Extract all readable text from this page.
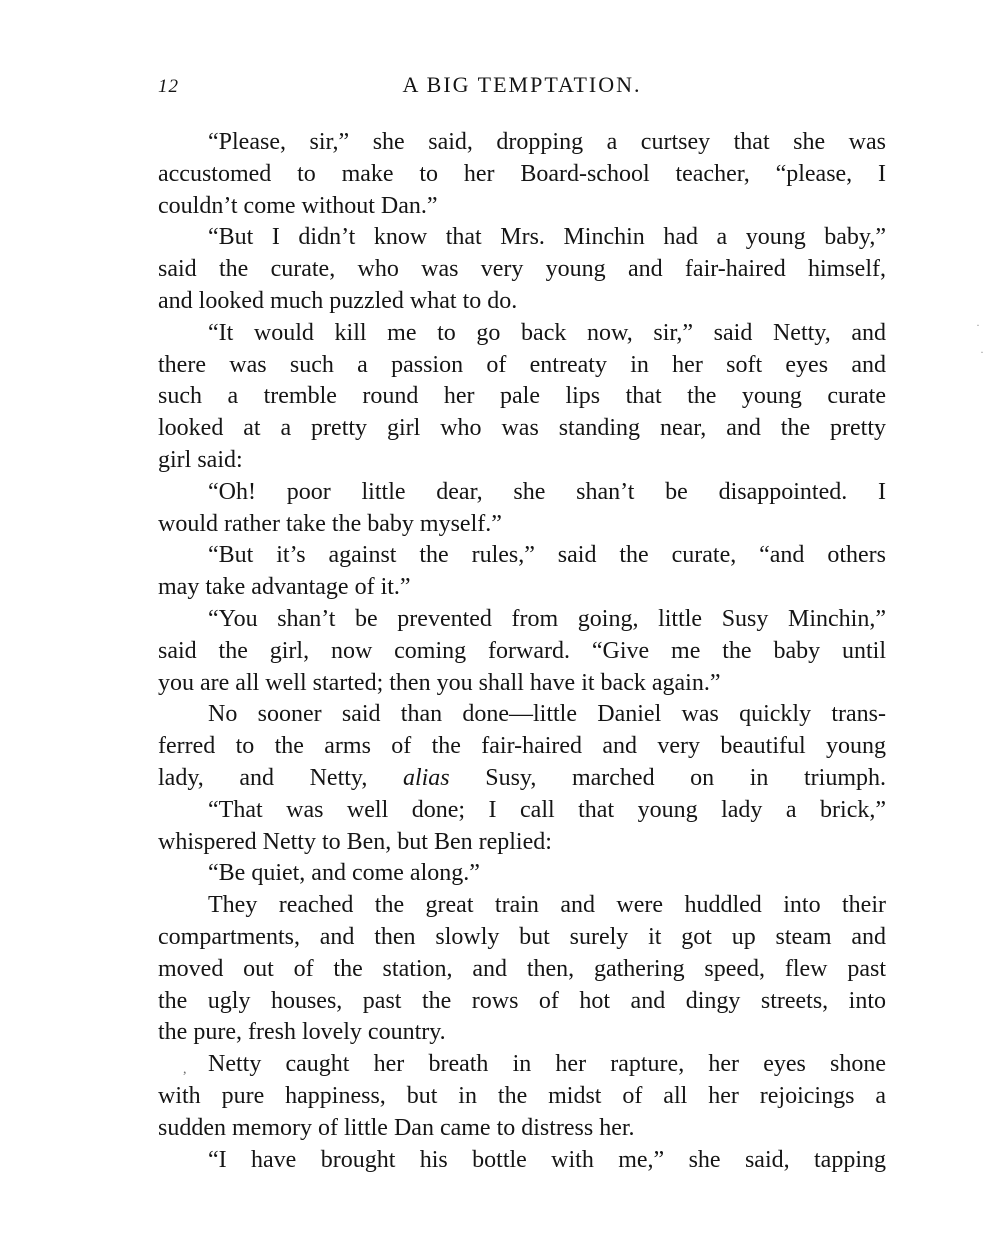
12	A BIG TEMPTATION.
“Please, sir,” she said, dropping a curtsey that she was
accustomed to make to her Board-school teacher, “please, I
couldn’t come without Dan.”
“But I didn’t know that Mrs. Minchin had a young baby,”
said the curate, who was very young and fair-haired himself,
and looked much puzzled what to do.
“It would kill me to go back now, sir,” said Netty, and
there was such a passion of entreaty in her soft eyes and
such a tremble round her pale lips that the young curate
looked at a pretty girl who was standing near, and the pretty
girl said:
“Oh! poor little dear, she shan’t be disappointed. I
would rather take the baby myself.”
“But it’s against the rules,” said the curate, “and others
may take advantage of it.”
“You shan’t be prevented from going, little Susy Minchin,”
said the girl, now coming forward. “Give me the baby until
you are all well started; then you shall have it back again.”
No sooner said than done—little Daniel was quickly trans-
ferred to the arms of the fair-haired and very beautiful young
lady, and Netty, alias Susy, marched on in triumph.
“That was well done; I call that young lady a brick,”
whispered Netty to Ben, but Ben replied:
“Be quiet, and come along.”
They reached the great train and were huddled into their
compartments, and then slowly but surely it got up steam and
moved out of the station, and then, gathering speed, flew past
the ugly houses, past the rows of hot and dingy streets, into
the pure, fresh lovely country.
Netty caught her breath in her rapture, her eyes shone
with pure happiness, but in the midst of all her rejoicings a
sudden memory of little Dan came to distress her.
“I have brought his bottle with me,” she said, tapping
·
·
,
